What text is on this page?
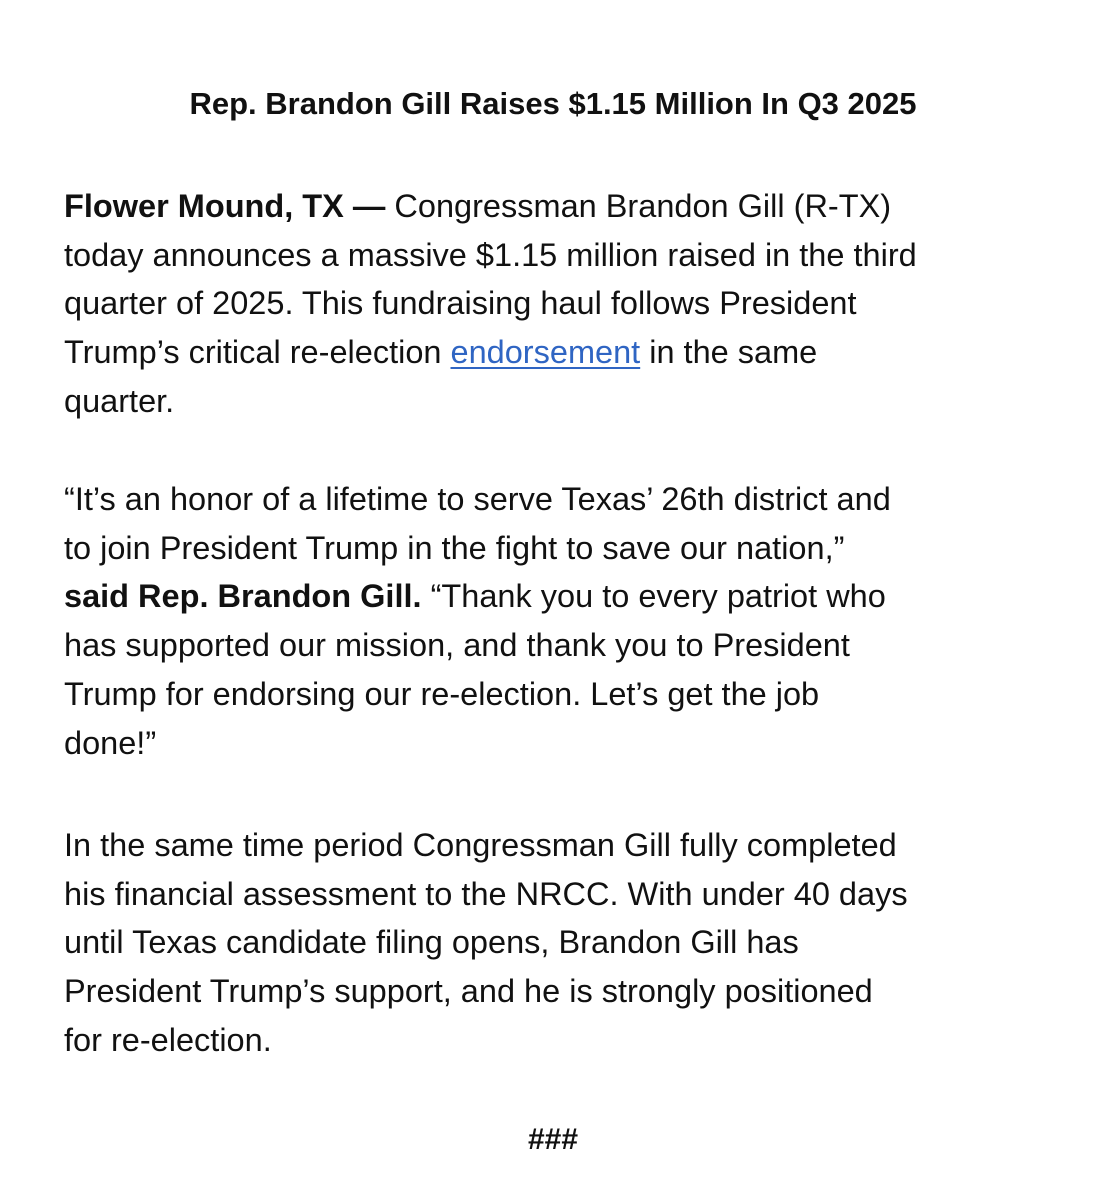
Rep. Brandon Gill Raises $1.15 Million In Q3 2025

Flower Mound, TX — Congressman Brandon Gill (R-TX)
today announces a massive $1.15 million raised in the third
quarter of 2025. This fundraising haul follows President
Trump’s critical re-election endorsement in the same
quarter.

“It’s an honor of a lifetime to serve Texas’ 26th district and
to join President Trump in the fight to save our nation,”
said Rep. Brandon Gill. “Thank you to every patriot who
has supported our mission, and thank you to President
Trump for endorsing our re-election. Let’s get the job
done!”

In the same time period Congressman Gill fully completed
his financial assessment to the NRCC. With under 40 days
until Texas candidate filing opens, Brandon Gill has
President Trump’s support, and he is strongly positioned
for re-election.

###
